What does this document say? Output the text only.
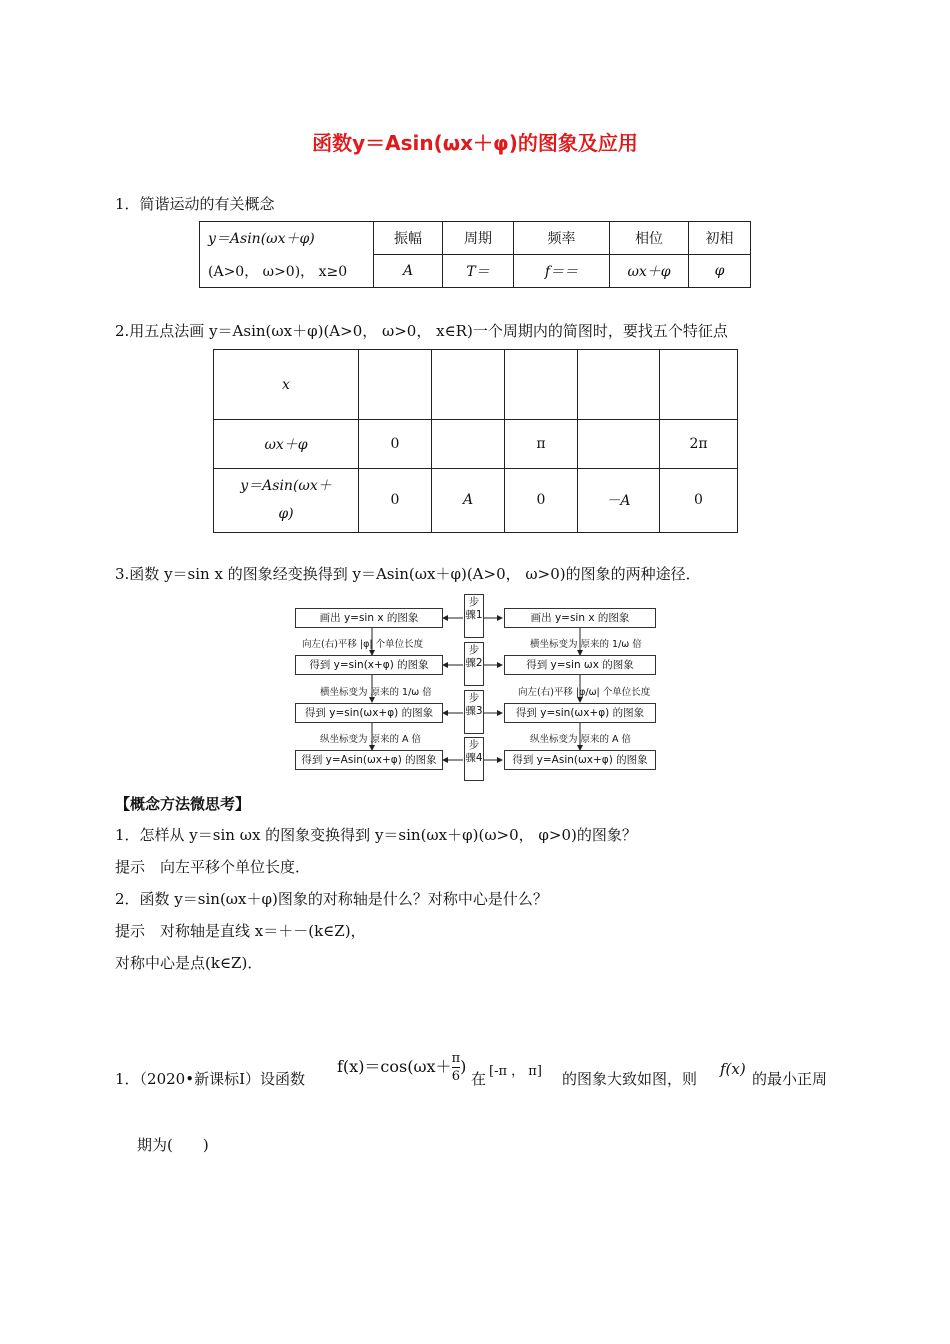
函数y＝Asin(ωx＋φ)的图象及应用
1．简谐运动的有关概念
y＝Asin(ωx＋φ)	振幅	周期	频率	相位	初相
(A>0， ω>0)， x≥0	A	T＝	f＝＝	ωx＋φ	φ
2.用五点法画 y＝Asin(ωx＋φ)(A>0， ω>0， x∈R)一个周期内的简图时，要找五个特征点
x					
ωx＋φ	0		π		2π

y＝Asin(ωx＋
φ)	0	A	0	－A	0
3.函数 y＝sin x 的图象经变换得到 y＝Asin(ωx＋φ)(A>0， ω>0)的图象的两种途径．
画出 y=sin x 的图象
得到 y=sin(x+φ) 的图象
得到 y=sin(ωx+φ) 的图象
得到 y=Asin(ωx+φ) 的图象
画出 y=sin x 的图象
得到 y=sin ωx 的图象
得到 y=sin(ωx+φ) 的图象
得到 y=Asin(ωx+φ) 的图象
步骤1
步骤2
步骤3
步骤4
向左(右)平移 |φ| 个单位长度
横坐标变为 原来的 1/ω 倍
纵坐标变为 原来的 A 倍
横坐标变为 原来的 1/ω 倍
向左(右)平移 |φ/ω| 个单位长度
纵坐标变为 原来的 A 倍
【概念方法微思考】
1．怎样从 y＝sin ωx 的图象变换得到 y＝sin(ωx＋φ)(ω>0， φ>0)的图象？
提示　向左平移个单位长度．
2．函数 y＝sin(ωx＋φ)图象的对称轴是什么？对称中心是什么？
提示　对称轴是直线 x＝＋－(k∈Z)，
对称中心是点(k∈Z)．
1．（2020•新课标Ⅰ）设函数
$f(x)=\cos(\omega x+ \frac{\pi}{6}$ )
在 [-π ， π] 的图象大致如图，则
f(x)
的最小正周
期为(　　)
